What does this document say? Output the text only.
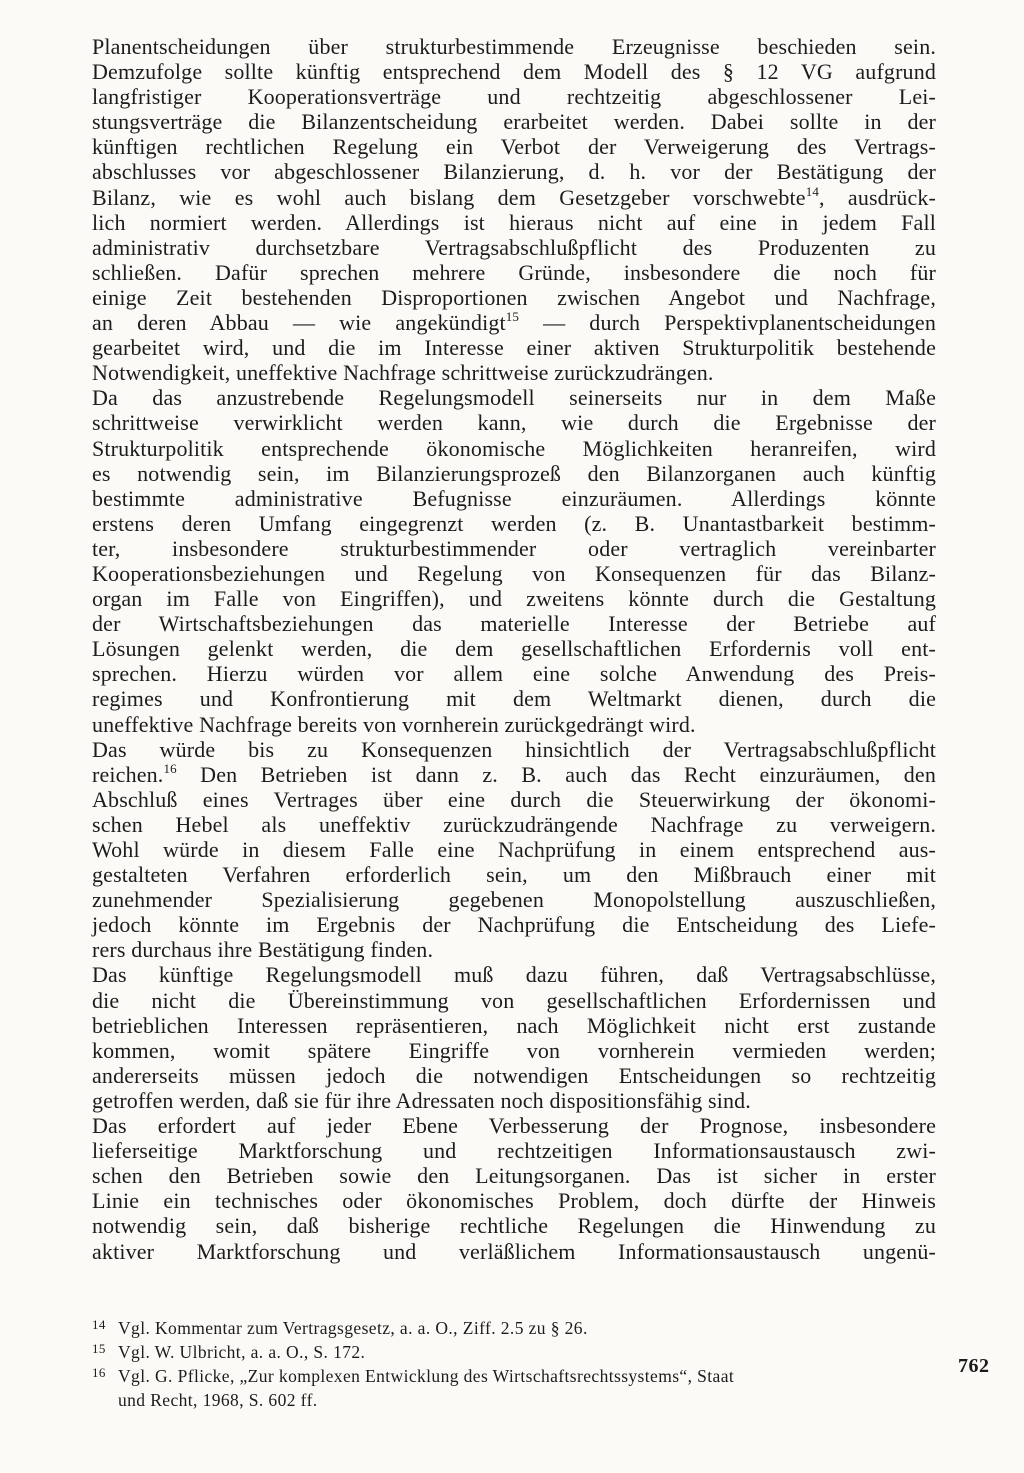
Planentscheidungen über strukturbestimmende Erzeugnisse beschieden sein.
Demzufolge sollte künftig entsprechend dem Modell des § 12 VG aufgrund
langfristiger Kooperationsverträge und rechtzeitig abgeschlossener Lei-
stungsverträge die Bilanzentscheidung erarbeitet werden. Dabei sollte in der
künftigen rechtlichen Regelung ein Verbot der Verweigerung des Vertrags-
abschlusses vor abgeschlossener Bilanzierung, d. h. vor der Bestätigung der
Bilanz, wie es wohl auch bislang dem Gesetzgeber vorschwebte$^{14}$, ausdrück-
lich normiert werden. Allerdings ist hieraus nicht auf eine in jedem Fall
administrativ durchsetzbare Vertragsabschlußpflicht des Produzenten zu
schließen. Dafür sprechen mehrere Gründe, insbesondere die noch für
einige Zeit bestehenden Disproportionen zwischen Angebot und Nachfrage,
an deren Abbau — wie angekündigt$^{15}$ — durch Perspektivplanentscheidungen
gearbeitet wird, und die im Interesse einer aktiven Strukturpolitik bestehende
Notwendigkeit, uneffektive Nachfrage schrittweise zurückzudrängen.
Da das anzustrebende Regelungsmodell seinerseits nur in dem Maße
schrittweise verwirklicht werden kann, wie durch die Ergebnisse der
Strukturpolitik entsprechende ökonomische Möglichkeiten heranreifen, wird
es notwendig sein, im Bilanzierungsprozeß den Bilanzorganen auch künftig
bestimmte administrative Befugnisse einzuräumen. Allerdings könnte
erstens deren Umfang eingegrenzt werden (z. B. Unantastbarkeit bestimm-
ter, insbesondere strukturbestimmender oder vertraglich vereinbarter
Kooperationsbeziehungen und Regelung von Konsequenzen für das Bilanz-
organ im Falle von Eingriffen), und zweitens könnte durch die Gestaltung
der Wirtschaftsbeziehungen das materielle Interesse der Betriebe auf
Lösungen gelenkt werden, die dem gesellschaftlichen Erfordernis voll ent-
sprechen. Hierzu würden vor allem eine solche Anwendung des Preis-
regimes und Konfrontierung mit dem Weltmarkt dienen, durch die
uneffektive Nachfrage bereits von vornherein zurückgedrängt wird.
Das würde bis zu Konsequenzen hinsichtlich der Vertragsabschlußpflicht
reichen.$^{16}$ Den Betrieben ist dann z. B. auch das Recht einzuräumen, den
Abschluß eines Vertrages über eine durch die Steuerwirkung der ökonomi-
schen Hebel als uneffektiv zurückzudrängende Nachfrage zu verweigern.
Wohl würde in diesem Falle eine Nachprüfung in einem entsprechend aus-
gestalteten Verfahren erforderlich sein, um den Mißbrauch einer mit
zunehmender Spezialisierung gegebenen Monopolstellung auszuschließen,
jedoch könnte im Ergebnis der Nachprüfung die Entscheidung des Liefe-
rers durchaus ihre Bestätigung finden.
Das künftige Regelungsmodell muß dazu führen, daß Vertragsabschlüsse,
die nicht die Übereinstimmung von gesellschaftlichen Erfordernissen und
betrieblichen Interessen repräsentieren, nach Möglichkeit nicht erst zustande
kommen, womit spätere Eingriffe von vornherein vermieden werden;
andererseits müssen jedoch die notwendigen Entscheidungen so rechtzeitig
getroffen werden, daß sie für ihre Adressaten noch dispositionsfähig sind.
Das erfordert auf jeder Ebene Verbesserung der Prognose, insbesondere
lieferseitige Marktforschung und rechtzeitigen Informationsaustausch zwi-
schen den Betrieben sowie den Leitungsorganen. Das ist sicher in erster
Linie ein technisches oder ökonomisches Problem, doch dürfte der Hinweis
notwendig sein, daß bisherige rechtliche Regelungen die Hinwendung zu
aktiver Marktforschung und verläßlichem Informationsaustausch ungenü-
14 Vgl. Kommentar zum Vertragsgesetz, a. a. O., Ziff. 2.5 zu § 26.
15 Vgl. W. Ulbricht, a. a. O., S. 172.
16 Vgl. G. Pflicke, „Zur komplexen Entwicklung des Wirtschaftsrechtssystems“, Staat
und Recht, 1968, S. 602 ff.
762
